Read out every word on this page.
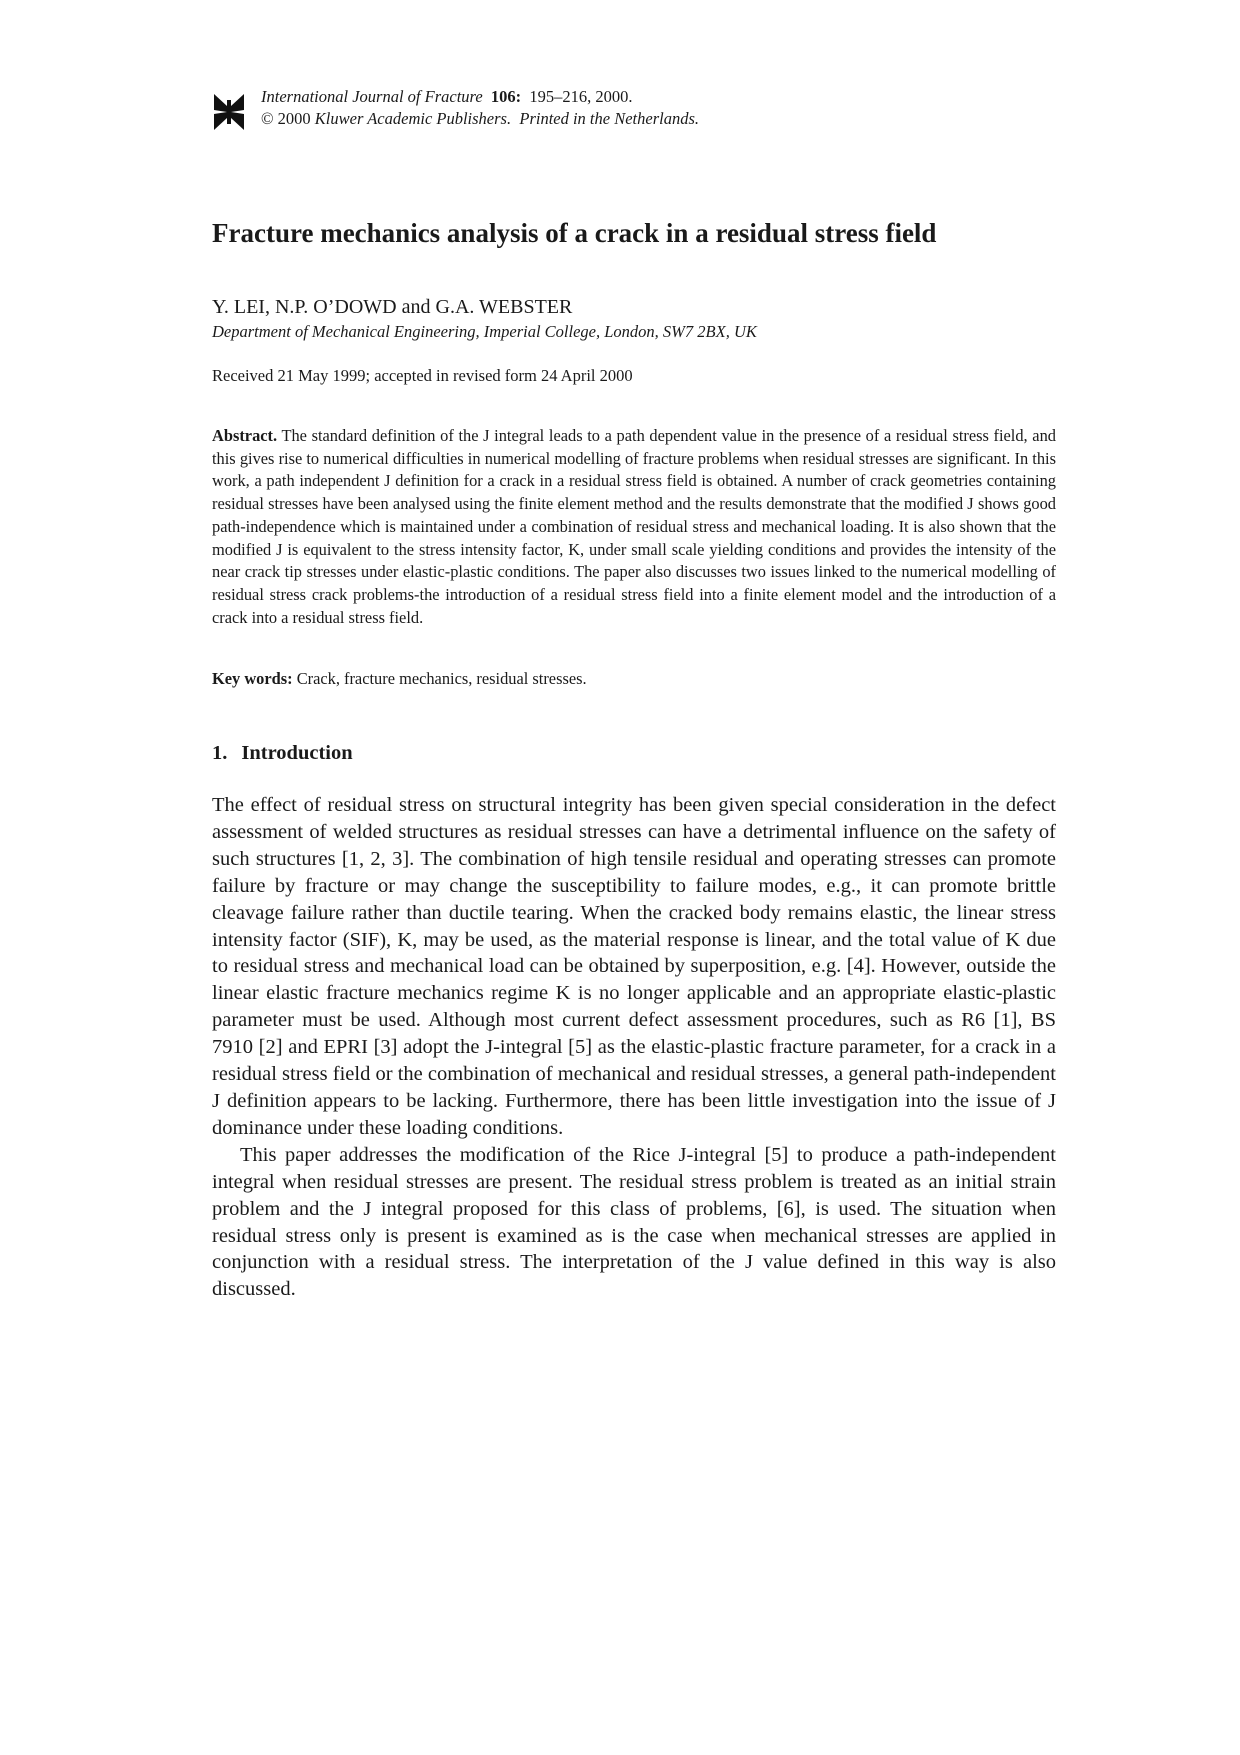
International Journal of Fracture 106: 195–216, 2000.
© 2000 Kluwer Academic Publishers. Printed in the Netherlands.
Fracture mechanics analysis of a crack in a residual stress field
Y. LEI, N.P. O’DOWD and G.A. WEBSTER
Department of Mechanical Engineering, Imperial College, London, SW7 2BX, UK
Received 21 May 1999; accepted in revised form 24 April 2000
Abstract. The standard definition of the J integral leads to a path dependent value in the presence of a residual stress field, and this gives rise to numerical difficulties in numerical modelling of fracture problems when residual stresses are significant. In this work, a path independent J definition for a crack in a residual stress field is obtained. A number of crack geometries containing residual stresses have been analysed using the finite element method and the results demonstrate that the modified J shows good path-independence which is maintained under a combination of residual stress and mechanical loading. It is also shown that the modified J is equivalent to the stress intensity factor, K, under small scale yielding conditions and provides the intensity of the near crack tip stresses under elastic-plastic conditions. The paper also discusses two issues linked to the numerical modelling of residual stress crack problems-the introduction of a residual stress field into a finite element model and the introduction of a crack into a residual stress field.
Key words: Crack, fracture mechanics, residual stresses.
1. Introduction

The effect of residual stress on structural integrity has been given special consideration in the defect assessment of welded structures as residual stresses can have a detrimental influence on the safety of such structures [1, 2, 3]. The combination of high tensile residual and operating stresses can promote failure by fracture or may change the susceptibility to failure modes, e.g., it can promote brittle cleavage failure rather than ductile tearing. When the cracked body remains elastic, the linear stress intensity factor (SIF), K, may be used, as the material response is linear, and the total value of K due to residual stress and mechanical load can be obtained by superposition, e.g. [4]. However, outside the linear elastic fracture mechanics regime K is no longer applicable and an appropriate elastic-plastic parameter must be used. Although most current defect assessment procedures, such as R6 [1], BS 7910 [2] and EPRI [3] adopt the J-integral [5] as the elastic-plastic fracture parameter, for a crack in a residual stress field or the combination of mechanical and residual stresses, a general path-independent J definition appears to be lacking. Furthermore, there has been little investigation into the issue of J dominance under these loading conditions.

This paper addresses the modification of the Rice J-integral [5] to produce a path-independent integral when residual stresses are present. The residual stress problem is treated as an initial strain problem and the J integral proposed for this class of problems, [6], is used. The situation when residual stress only is present is examined as is the case when mechanical stresses are applied in conjunction with a residual stress. The interpretation of the J value defined in this way is also discussed.
